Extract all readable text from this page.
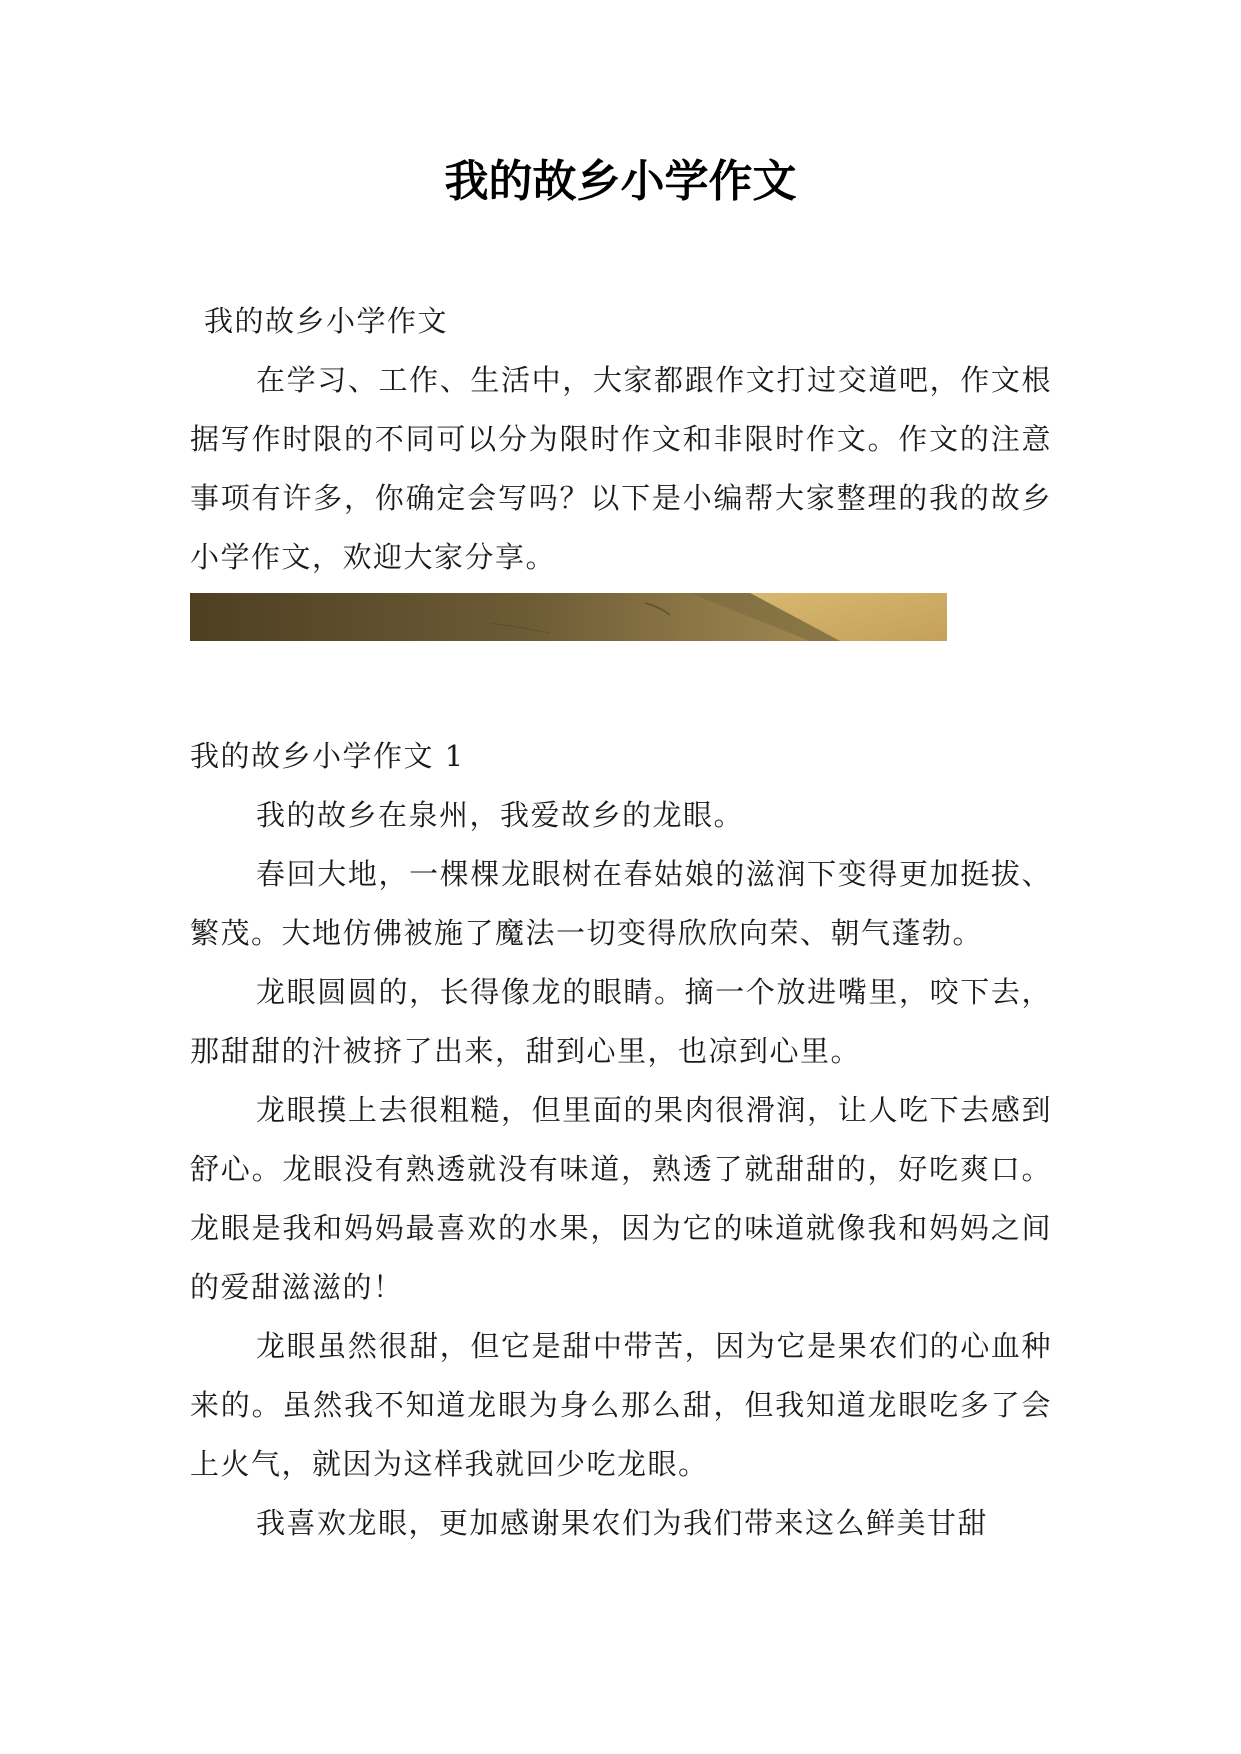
我的故乡小学作文

我的故乡小学作文

在学习、工作、生活中，大家都跟作文打过交道吧，作文根据写作时限的不同可以分为限时作文和非限时作文。作文的注意事项有许多，你确定会写吗？以下是小编帮大家整理的我的故乡小学作文，欢迎大家分享。

我的故乡小学作文 1

我的故乡在泉州，我爱故乡的龙眼。

春回大地，一棵棵龙眼树在春姑娘的滋润下变得更加挺拔、繁茂。大地仿佛被施了魔法一切变得欣欣向荣、朝气蓬勃。

龙眼圆圆的，长得像龙的眼睛。摘一个放进嘴里，咬下去，那甜甜的汁被挤了出来，甜到心里，也凉到心里。

龙眼摸上去很粗糙，但里面的果肉很滑润，让人吃下去感到舒心。龙眼没有熟透就没有味道，熟透了就甜甜的，好吃爽口。龙眼是我和妈妈最喜欢的水果，因为它的味道就像我和妈妈之间的爱甜滋滋的！

龙眼虽然很甜，但它是甜中带苦，因为它是果农们的心血种来的。虽然我不知道龙眼为身么那么甜，但我知道龙眼吃多了会上火气，就因为这样我就回少吃龙眼。

我喜欢龙眼，更加感谢果农们为我们带来这么鲜美甘甜
